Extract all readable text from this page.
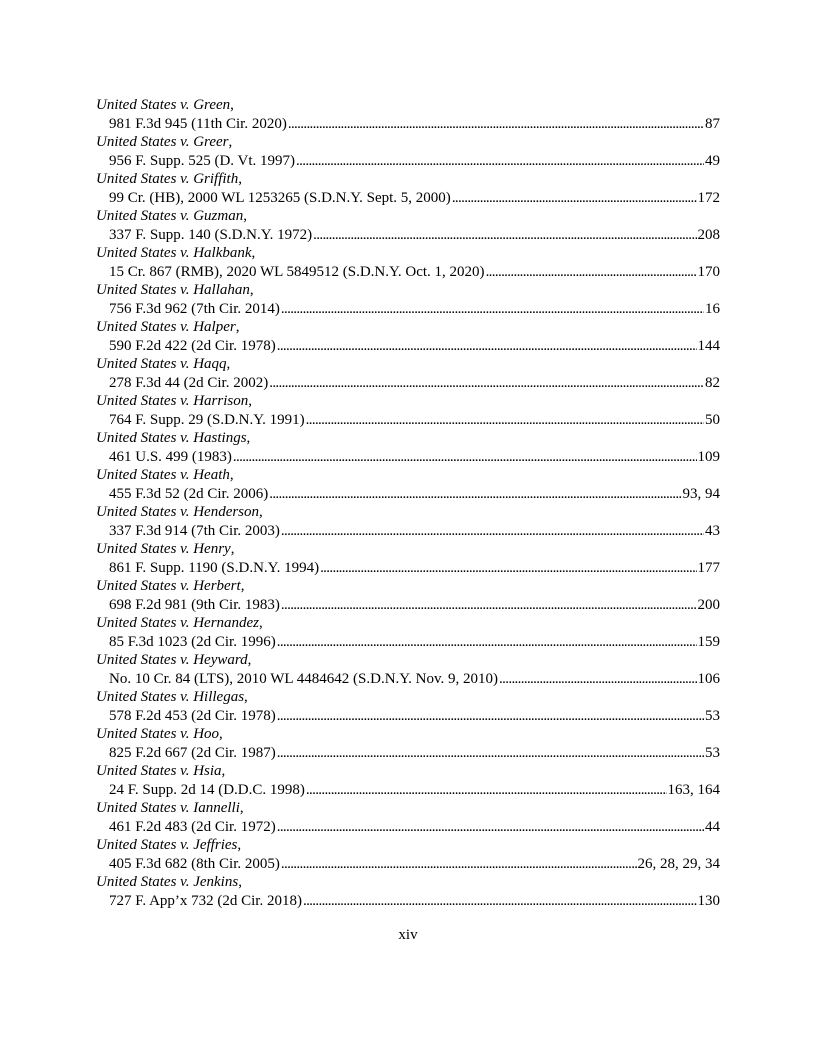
United States v. Green,
981 F.3d 945 (11th Cir. 2020) . . .	87
United States v. Greer,
956 F. Supp. 525 (D. Vt. 1997) . . .	49
United States v. Griffith,
99 Cr. (HB), 2000 WL 1253265 (S.D.N.Y. Sept. 5, 2000) . . .	172
United States v. Guzman,
337 F. Supp. 140 (S.D.N.Y. 1972) . . .	208
United States v. Halkbank,
15 Cr. 867 (RMB), 2020 WL 5849512 (S.D.N.Y. Oct. 1, 2020) . . .	170
United States v. Hallahan,
756 F.3d 962 (7th Cir. 2014) . . .	16
United States v. Halper,
590 F.2d 422 (2d Cir. 1978) . . .	144
United States v. Haqq,
278 F.3d 44 (2d Cir. 2002) . . .	82
United States v. Harrison,
764 F. Supp. 29 (S.D.N.Y. 1991) . . .	50
United States v. Hastings,
461 U.S. 499 (1983) . . .	109
United States v. Heath,
455 F.3d 52 (2d Cir. 2006) . . .	93, 94
United States v. Henderson,
337 F.3d 914 (7th Cir. 2003) . . .	43
United States v. Henry,
861 F. Supp. 1190 (S.D.N.Y. 1994) . . .	177
United States v. Herbert,
698 F.2d 981 (9th Cir. 1983) . . .	200
United States v. Hernandez,
85 F.3d 1023 (2d Cir. 1996) . . .	159
United States v. Heyward,
No. 10 Cr. 84 (LTS), 2010 WL 4484642 (S.D.N.Y. Nov. 9, 2010) . . .	106
United States v. Hillegas,
578 F.2d 453 (2d Cir. 1978) . . .	53
United States v. Hoo,
825 F.2d 667 (2d Cir. 1987) . . .	53
United States v. Hsia,
24 F. Supp. 2d 14 (D.D.C. 1998) . . .	163, 164
United States v. Iannelli,
461 F.2d 483 (2d Cir. 1972) . . .	44
United States v. Jeffries,
405 F.3d 682 (8th Cir. 2005) . . .	26, 28, 29, 34
United States v. Jenkins,
727 F. App’x 732 (2d Cir. 2018) . . .	130
xiv
